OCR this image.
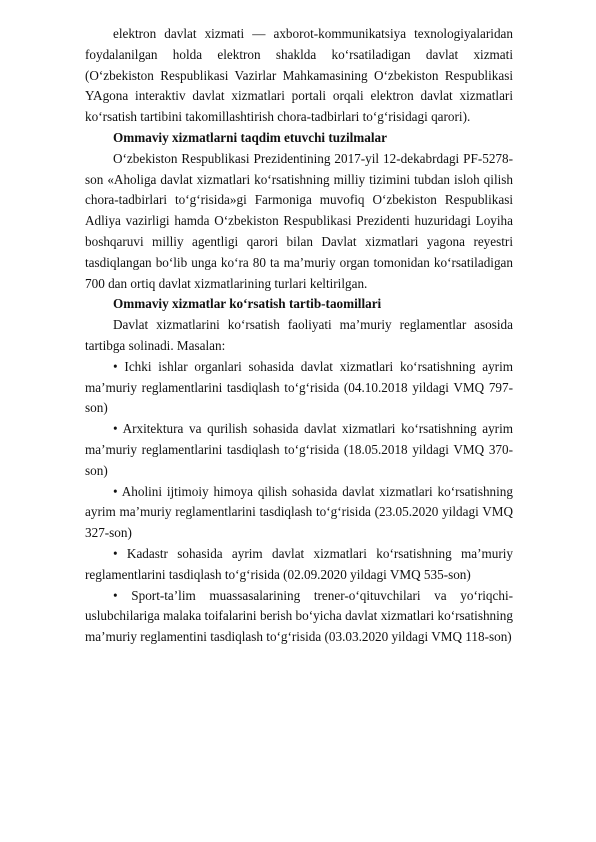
elektron davlat xizmati — axborot-kommunikatsiya texnologiyalaridan foydalanilgan holda elektron shaklda ko‘rsatiladigan davlat xizmati (O‘zbekiston Respublikasi Vazirlar Mahkamasining O‘zbekiston Respublikasi YAgona interaktiv davlat xizmatlari portali orqali elektron davlat xizmatlari ko‘rsatish tartibini takomillashtirish chora-tadbirlari to‘g‘risidagi qarori).

Ommaviy xizmatlarni taqdim etuvchi tuzilmalar

O‘zbekiston Respublikasi Prezidentining 2017-yil 12-dekabrdagi PF-5278-son «Aholiga davlat xizmatlari ko‘rsatishning milliy tizimini tubdan isloh qilish chora-tadbirlari to‘g‘risida»gi Farmoniga muvofiq O‘zbekiston Respublikasi Adliya vazirligi hamda O‘zbekiston Respublikasi Prezidenti huzuridagi Loyiha boshqaruvi milliy agentligi qarori bilan Davlat xizmatlari yagona reyestri tasdiqlangan bo‘lib unga ko‘ra 80 ta ma’muriy organ tomonidan ko‘rsatiladigan 700 dan ortiq davlat xizmatlarining turlari keltirilgan.

Ommaviy xizmatlar ko‘rsatish tartib-taomillari

Davlat xizmatlarini ko‘rsatish faoliyati ma’muriy reglamentlar asosida tartibga solinadi. Masalan:

• Ichki ishlar organlari sohasida davlat xizmatlari ko‘rsatishning ayrim ma’muriy reglamentlarini tasdiqlash to‘g‘risida (04.10.2018 yildagi VMQ 797-son)

• Arxitektura va qurilish sohasida davlat xizmatlari ko‘rsatishning ayrim ma’muriy reglamentlarini tasdiqlash to‘g‘risida (18.05.2018 yildagi VMQ 370-son)

• Aholini ijtimoiy himoya qilish sohasida davlat xizmatlari ko‘rsatishning ayrim ma’muriy reglamentlarini tasdiqlash to‘g‘risida (23.05.2020 yildagi VMQ 327-son)

• Kadastr sohasida ayrim davlat xizmatlari ko‘rsatishning ma’muriy reglamentlarini tasdiqlash to‘g‘risida (02.09.2020 yildagi VMQ 535-son)

• Sport-ta’lim muassasalarining trener-o‘qituvchilari va yo‘riqchi-uslubchilariga malaka toifalarini berish bo‘yicha davlat xizmatlari ko‘rsatishning ma’muriy reglamentini tasdiqlash to‘g‘risida (03.03.2020 yildagi VMQ 118-son)
